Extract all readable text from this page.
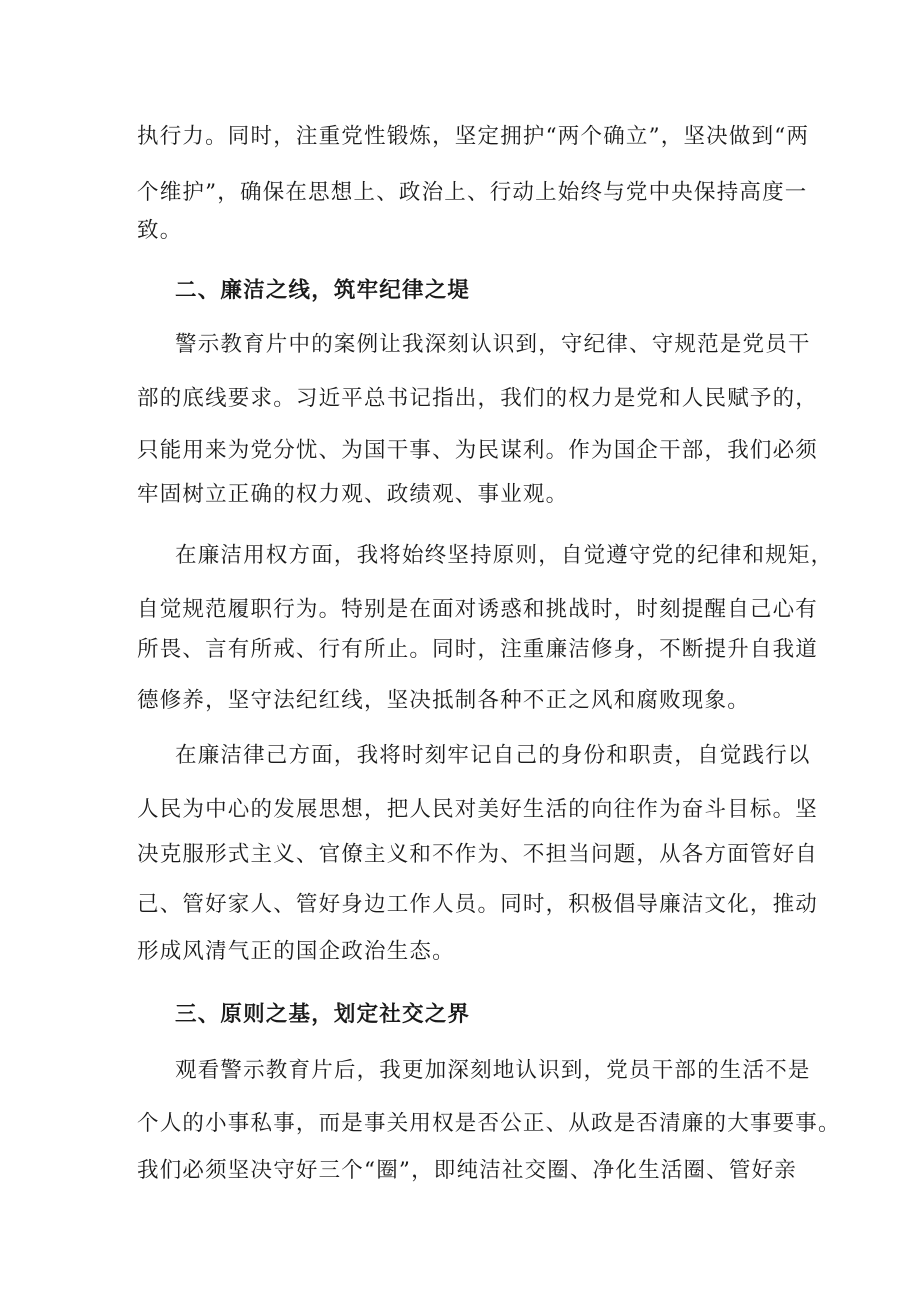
执行力。同时，注重党性锻炼，坚定拥护“两个确立”，坚决做到“两
个维护”，确保在思想上、政治上、行动上始终与党中央保持高度一
致。
二、廉洁之线，筑牢纪律之堤
警示教育片中的案例让我深刻认识到，守纪律、守规范是党员干
部的底线要求。习近平总书记指出，我们的权力是党和人民赋予的，
只能用来为党分忧、为国干事、为民谋利。作为国企干部，我们必须
牢固树立正确的权力观、政绩观、事业观。
在廉洁用权方面，我将始终坚持原则，自觉遵守党的纪律和规矩，
自觉规范履职行为。特别是在面对诱惑和挑战时，时刻提醒自己心有
所畏、言有所戒、行有所止。同时，注重廉洁修身，不断提升自我道
德修养，坚守法纪红线，坚决抵制各种不正之风和腐败现象。
在廉洁律己方面，我将时刻牢记自己的身份和职责，自觉践行以
人民为中心的发展思想，把人民对美好生活的向往作为奋斗目标。坚
决克服形式主义、官僚主义和不作为、不担当问题，从各方面管好自
己、管好家人、管好身边工作人员。同时，积极倡导廉洁文化，推动
形成风清气正的国企政治生态。
三、原则之基，划定社交之界
观看警示教育片后，我更加深刻地认识到，党员干部的生活不是
个人的小事私事，而是事关用权是否公正、从政是否清廉的大事要事。
我们必须坚决守好三个“圈”，即纯洁社交圈、净化生活圈、管好亲
